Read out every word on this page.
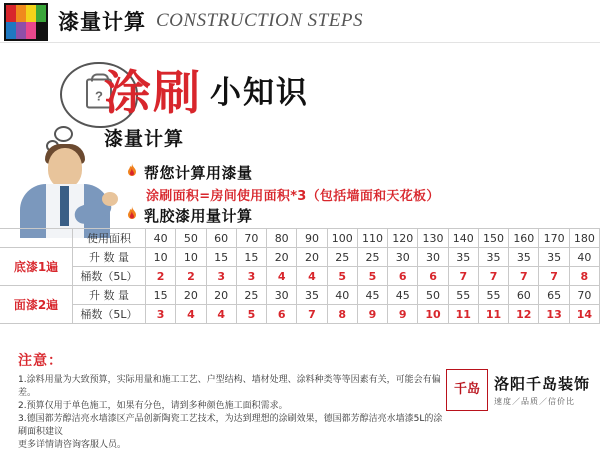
漆量计算 CONSTRUCTION STEPS
? 涂刷 小知识
漆量计算
帮您计算用漆量
涂刷面积=房间使用面积*3（包括墙面和天花板）
乳胶漆用量计算
	使用面积	40	50	60	70	80	90	100	110	120	130	140	150	160	170	180
底漆1遍	升 数 量	10	10	15	15	20	20	25	25	30	30	35	35	35	35	40
	桶数（5L）	2	2	3	3	4	4	5	5	6	6	7	7	7	7	8
面漆2遍	升 数 量	15	20	20	25	30	35	40	45	45	50	55	55	60	65	70
	桶数（5L）	3	4	4	5	6	7	8	9	9	10	11	11	12	13	14
注意：

1.涂料用量为大致预算，实际用量和施工工艺、户型结构、墙材处理、涂料种类等等因素有关，可能会有偏差。

2.预算仅用于单色施工，如果有分色，请到多种颜色施工面积需求。

3.德国都芳醇洁亮水墙漆区产品创新陶瓷工艺技术，为达到理想的涂刷效果，德国都芳醇洁亮水墙漆5L的涂刷面积建议

更多详情请咨询客服人员。

千岛 洛阳千岛装饰
速度／品质／信价比
